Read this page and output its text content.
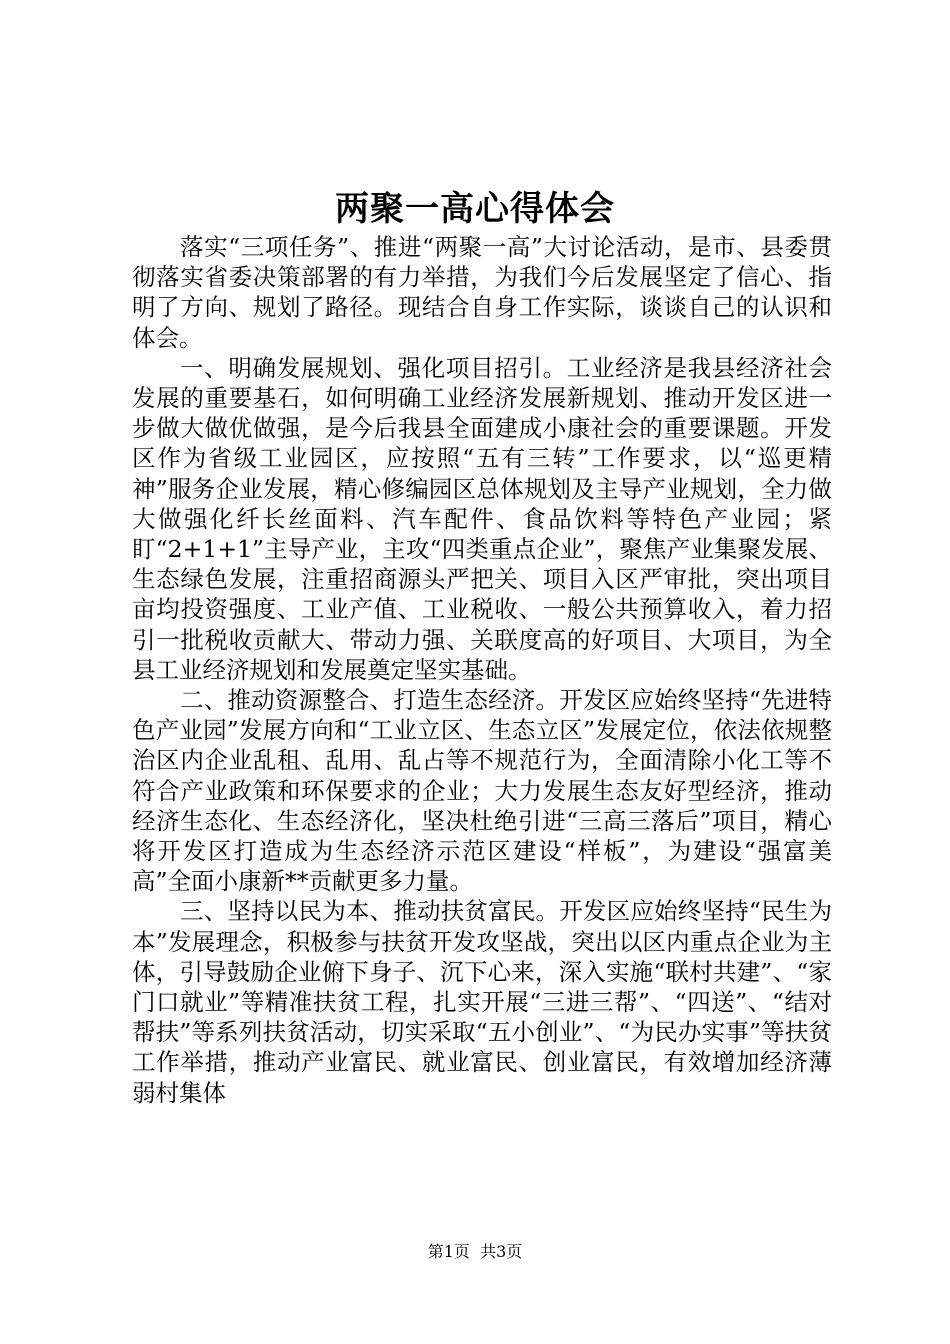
两聚一高心得体会

落实“三项任务”、推进“两聚一高”大讨论活动，是市、县委贯彻落实省委决策部署的有力举措，为我们今后发展坚定了信心、指明了方向、规划了路径。现结合自身工作实际，谈谈自己的认识和体会。

一、明确发展规划、强化项目招引。工业经济是我县经济社会发展的重要基石，如何明确工业经济发展新规划、推动开发区进一步做大做优做强，是今后我县全面建成小康社会的重要课题。开发区作为省级工业园区，应按照“五有三转”工作要求，以“巡更精神”服务企业发展，精心修编园区总体规划及主导产业规划，全力做大做强化纤长丝面料、汽车配件、食品饮料等特色产业园；紧盯“2+1+1”主导产业，主攻“四类重点企业”，聚焦产业集聚发展、生态绿色发展，注重招商源头严把关、项目入区严审批，突出项目亩均投资强度、工业产值、工业税收、一般公共预算收入，着力招引一批税收贡献大、带动力强、关联度高的好项目、大项目，为全县工业经济规划和发展奠定坚实基础。

二、推动资源整合、打造生态经济。开发区应始终坚持“先进特色产业园”发展方向和“工业立区、生态立区”发展定位，依法依规整治区内企业乱租、乱用、乱占等不规范行为，全面清除小化工等不符合产业政策和环保要求的企业；大力发展生态友好型经济，推动经济生态化、生态经济化，坚决杜绝引进“三高三落后”项目，精心将开发区打造成为生态经济示范区建设“样板”，为建设“强富美高”全面小康新**贡献更多力量。

三、坚持以民为本、推动扶贫富民。开发区应始终坚持“民生为本”发展理念，积极参与扶贫开发攻坚战，突出以区内重点企业为主体，引导鼓励企业俯下身子、沉下心来，深入实施“联村共建”、“家门口就业”等精准扶贫工程，扎实开展“三进三帮”、“四送”、“结对帮扶”等系列扶贫活动，切实采取“五小创业”、“为民办实事”等扶贫工作举措，推动产业富民、就业富民、创业富民，有效增加经济薄弱村集体

第1页 共3页
